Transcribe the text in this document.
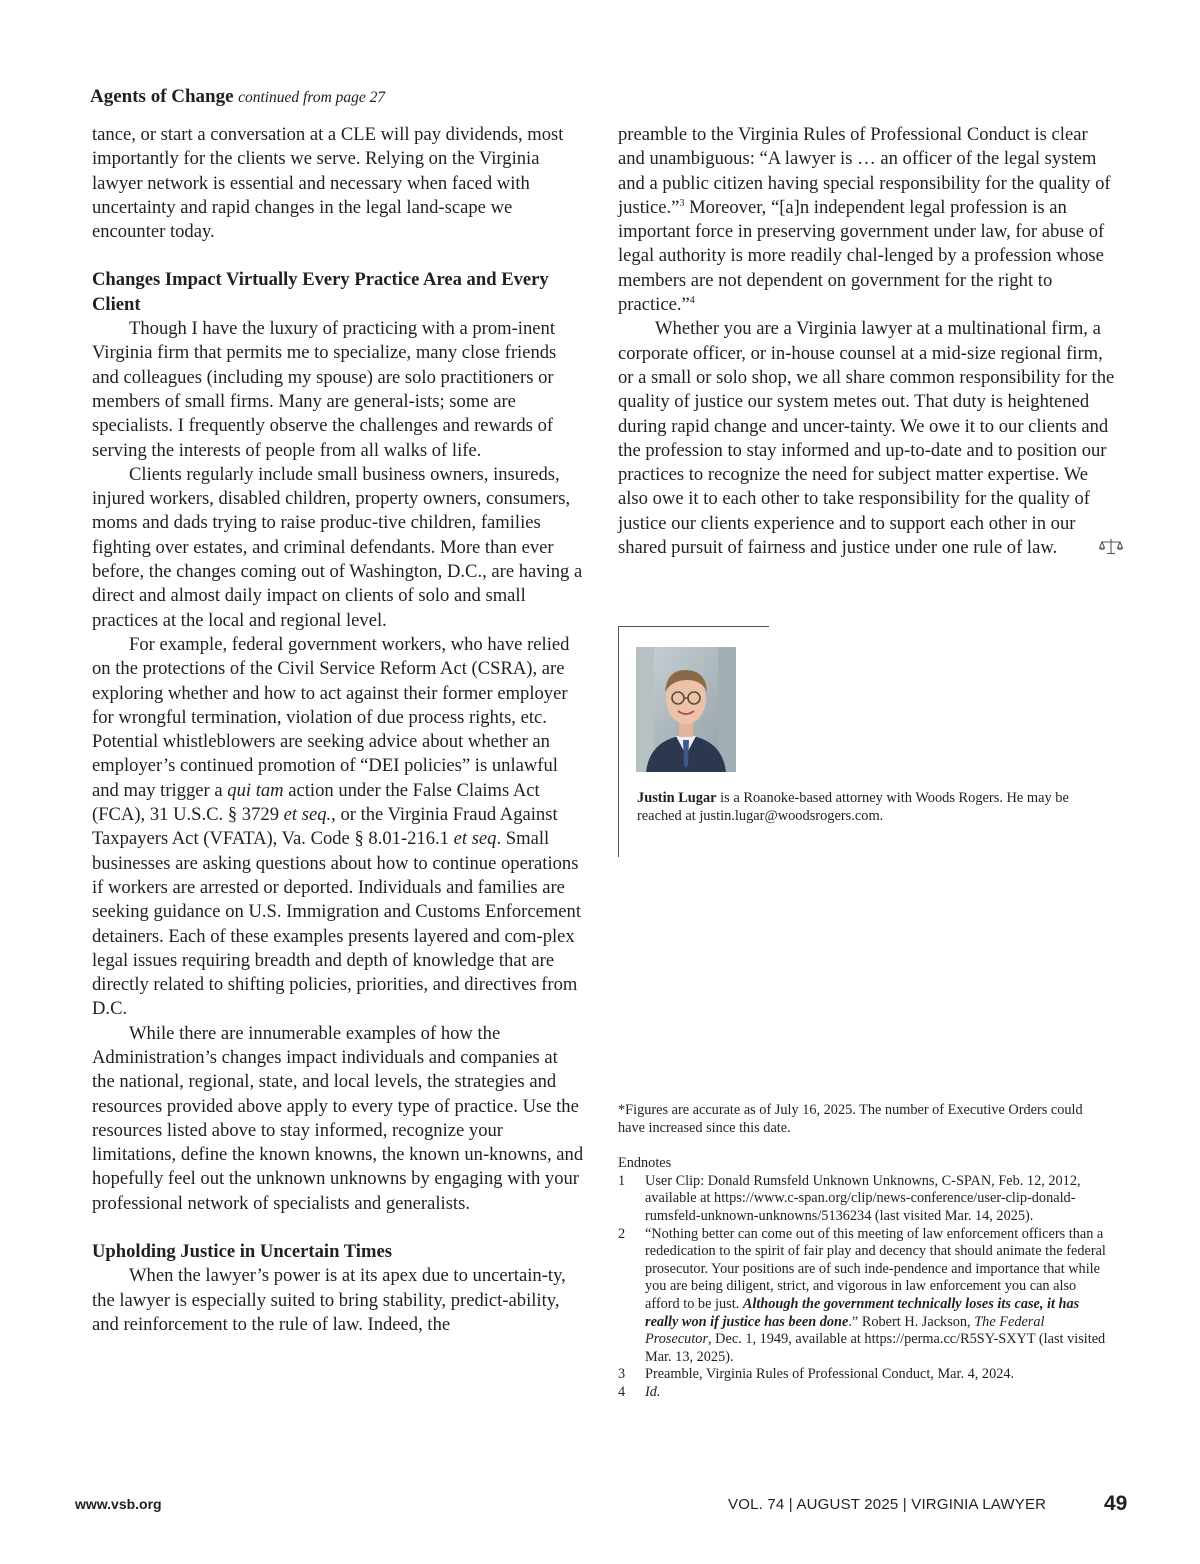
Agents of Change continued from page 27

tance, or start a conversation at a CLE will pay dividends, most importantly for the clients we serve. Relying on the Virginia lawyer network is essential and necessary when faced with uncertainty and rapid changes in the legal land-scape we encounter today.

Changes Impact Virtually Every Practice Area and Every Client

Though I have the luxury of practicing with a prom-inent Virginia firm that permits me to specialize, many close friends and colleagues (including my spouse) are solo practitioners or members of small firms. Many are general-ists; some are specialists. I frequently observe the challenges and rewards of serving the interests of people from all walks of life.

Clients regularly include small business owners, insureds, injured workers, disabled children, property owners, consumers, moms and dads trying to raise produc-tive children, families fighting over estates, and criminal defendants. More than ever before, the changes coming out of Washington, D.C., are having a direct and almost daily impact on clients of solo and small practices at the local and regional level.

For example, federal government workers, who have relied on the protections of the Civil Service Reform Act (CSRA), are exploring whether and how to act against their former employer for wrongful termination, violation of due process rights, etc. Potential whistleblowers are seeking advice about whether an employer’s continued promotion of “DEI policies” is unlawful and may trigger a qui tam action under the False Claims Act (FCA), 31 U.S.C. § 3729 et seq., or the Virginia Fraud Against Taxpayers Act (VFATA), Va. Code § 8.01-216.1 et seq. Small businesses are asking questions about how to continue operations if workers are arrested or deported. Individuals and families are seeking guidance on U.S. Immigration and Customs Enforcement detainers. Each of these examples presents layered and com-plex legal issues requiring breadth and depth of knowledge that are directly related to shifting policies, priorities, and directives from D.C.

While there are innumerable examples of how the Administration’s changes impact individuals and companies at the national, regional, state, and local levels, the strategies and resources provided above apply to every type of practice. Use the resources listed above to stay informed, recognize your limitations, define the known knowns, the known un-knowns, and hopefully feel out the unknown unknowns by engaging with your professional network of specialists and generalists.

Upholding Justice in Uncertain Times

When the lawyer’s power is at its apex due to uncertain-ty, the lawyer is especially suited to bring stability, predict-ability, and reinforcement to the rule of law. Indeed, the

preamble to the Virginia Rules of Professional Conduct is clear and unambiguous: “A lawyer is … an officer of the legal system and a public citizen having special responsibility for the quality of justice.”$^3$ Moreover, “[a]n independent legal profession is an important force in preserving government under law, for abuse of legal authority is more readily chal-lenged by a profession whose members are not dependent on government for the right to practice.”$^4$

Whether you are a Virginia lawyer at a multinational firm, a corporate officer, or in-house counsel at a mid-size regional firm, or a small or solo shop, we all share common responsibility for the quality of justice our system metes out. That duty is heightened during rapid change and uncer-tainty. We owe it to our clients and the profession to stay informed and up-to-date and to position our practices to recognize the need for subject matter expertise. We also owe it to each other to take responsibility for the quality of justice our clients experience and to support each other in our shared pursuit of fairness and justice under one rule of law.

Justin Lugar is a Roanoke-based attorney with Woods Rogers. He may be reached at justin.lugar@woodsrogers.com.

*Figures are accurate as of July 16, 2025. The number of Executive Orders could have increased since this date.

Endnotes

1 User Clip: Donald Rumsfeld Unknown Unknowns, C-SPAN, Feb. 12, 2012, available at https://www.c-span.org/clip/news-conference/user-clip-donald-rumsfeld-unknown-unknowns/5136234 (last visited Mar. 14, 2025).
2 “Nothing better can come out of this meeting of law enforcement officers than a rededication to the spirit of fair play and decency that should animate the federal prosecutor. Your positions are of such inde-pendence and importance that while you are being diligent, strict, and vigorous in law enforcement you can also afford to be just. Although the government technically loses its case, it has really won if justice has been done.” Robert H. Jackson, The Federal Prosecutor, Dec. 1, 1949, available at https://perma.cc/R5SY-SXYT (last visited Mar. 13, 2025).
3 Preamble, Virginia Rules of Professional Conduct, Mar. 4, 2024.
4 Id.
www.vsb.org	VOL. 74 | AUGUST 2025 | VIRGINIA LAWYER	49
